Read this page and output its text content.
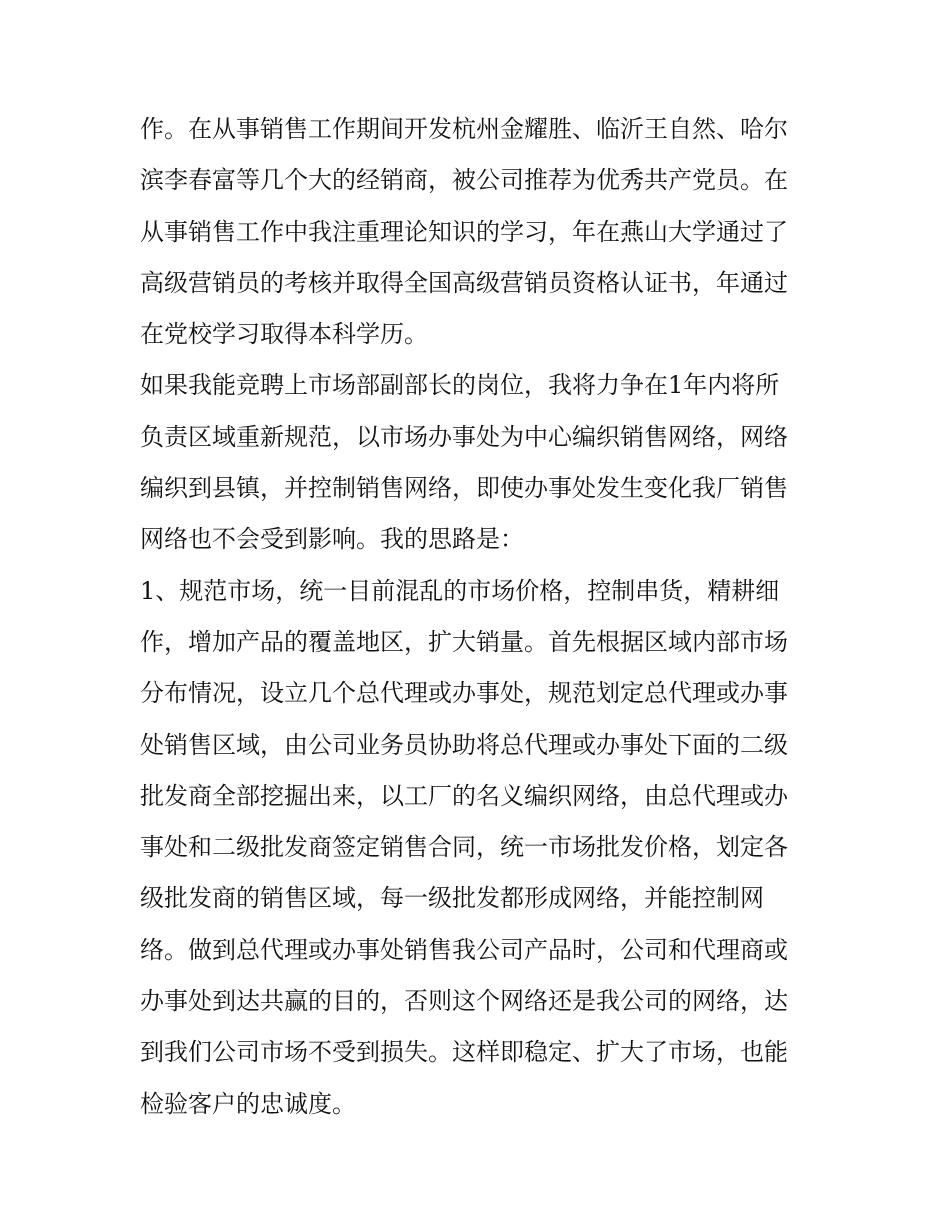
作。在从事销售工作期间开发杭州金耀胜、临沂王自然、哈尔
滨李春富等几个大的经销商，被公司推荐为优秀共产党员。在
从事销售工作中我注重理论知识的学习，年在燕山大学通过了
高级营销员的考核并取得全国高级营销员资格认证书，年通过
在党校学习取得本科学历。
如果我能竞聘上市场部副部长的岗位，我将力争在1年内将所
负责区域重新规范，以市场办事处为中心编织销售网络，网络
编织到县镇，并控制销售网络，即使办事处发生变化我厂销售
网络也不会受到影响。我的思路是：
1、规范市场，统一目前混乱的市场价格，控制串货，精耕细
作，增加产品的覆盖地区，扩大销量。首先根据区域内部市场
分布情况，设立几个总代理或办事处，规范划定总代理或办事
处销售区域，由公司业务员协助将总代理或办事处下面的二级
批发商全部挖掘出来，以工厂的名义编织网络，由总代理或办
事处和二级批发商签定销售合同，统一市场批发价格，划定各
级批发商的销售区域，每一级批发都形成网络，并能控制网
络。做到总代理或办事处销售我公司产品时，公司和代理商或
办事处到达共赢的目的，否则这个网络还是我公司的网络，达
到我们公司市场不受到损失。这样即稳定、扩大了市场，也能
检验客户的忠诚度。
